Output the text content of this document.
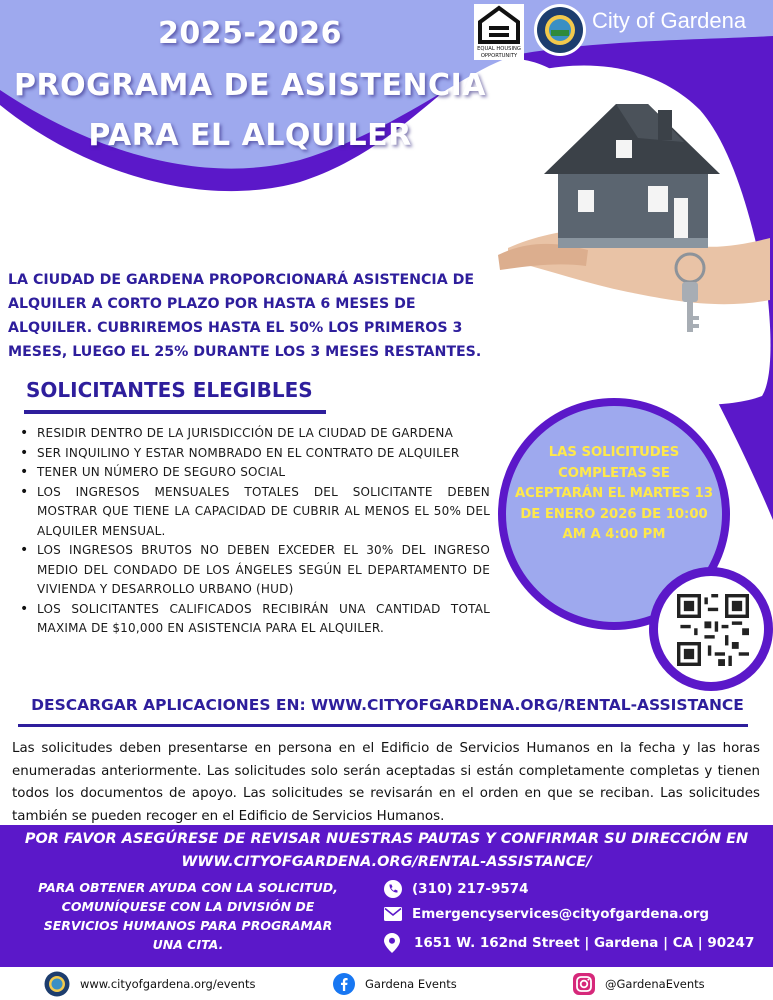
2025-2026
PROGRAMA DE ASISTENCIA
PARA EL ALQUILER
EQUAL HOUSING
OPPORTUNITY
City of Gardena
LA CIUDAD DE GARDENA PROPORCIONARÁ ASISTENCIA DE ALQUILER A CORTO PLAZO POR HASTA 6 MESES DE ALQUILER. CUBRIREMOS HASTA EL 50% LOS PRIMEROS 3 MESES, LUEGO EL 25% DURANTE LOS 3 MESES RESTANTES.
SOLICITANTES ELEGIBLES
• RESIDIR DENTRO DE LA JURISDICCIÓN DE LA CIUDAD DE GARDENA
• SER INQUILINO Y ESTAR NOMBRADO EN EL CONTRATO DE ALQUILER
• TENER UN NÚMERO DE SEGURO SOCIAL
• LOS INGRESOS MENSUALES TOTALES DEL SOLICITANTE DEBEN MOSTRAR QUE TIENE LA CAPACIDAD DE CUBRIR AL MENOS EL 50% DEL ALQUILER MENSUAL.
• LOS INGRESOS BRUTOS NO DEBEN EXCEDER EL 30% DEL INGRESO MEDIO DEL CONDADO DE LOS ÁNGELES SEGÚN EL DEPARTAMENTO DE VIVIENDA Y DESARROLLO URBANO (HUD)
• LOS SOLICITANTES CALIFICADOS RECIBIRÁN UNA CANTIDAD TOTAL MAXIMA DE $10,000 EN ASISTENCIA PARA EL ALQUILER.
LAS SOLICITUDES COMPLETAS SE ACEPTARÁN EL MARTES 13 DE ENERO 2026 DE 10:00 AM A 4:00 PM
DESCARGAR APLICACIONES EN: WWW.CITYOFGARDENA.ORG/RENTAL-ASSISTANCE
Las solicitudes deben presentarse en persona en el Edificio de Servicios Humanos en la fecha y las horas enumeradas anteriormente. Las solicitudes solo serán aceptadas si están completamente completas y tienen todos los documentos de apoyo. Las solicitudes se revisarán en el orden en que se reciban. Las solicitudes también se pueden recoger en el Edificio de Servicios Humanos.
POR FAVOR ASEGÚRESE DE REVISAR NUESTRAS PAUTAS Y CONFIRMAR SU DIRECCIÓN EN
WWW.CITYOFGARDENA.ORG/RENTAL-ASSISTANCE/
PARA OBTENER AYUDA CON LA SOLICITUD, COMUNÍQUESE CON LA DIVISIÓN DE SERVICIOS HUMANOS PARA PROGRAMAR UNA CITA.
(310) 217-9574
Emergencyservices@cityofgardena.org
1651 W. 162nd Street | Gardena | CA | 90247
www.cityofgardena.org/events	Gardena Events	@GardenaEvents
